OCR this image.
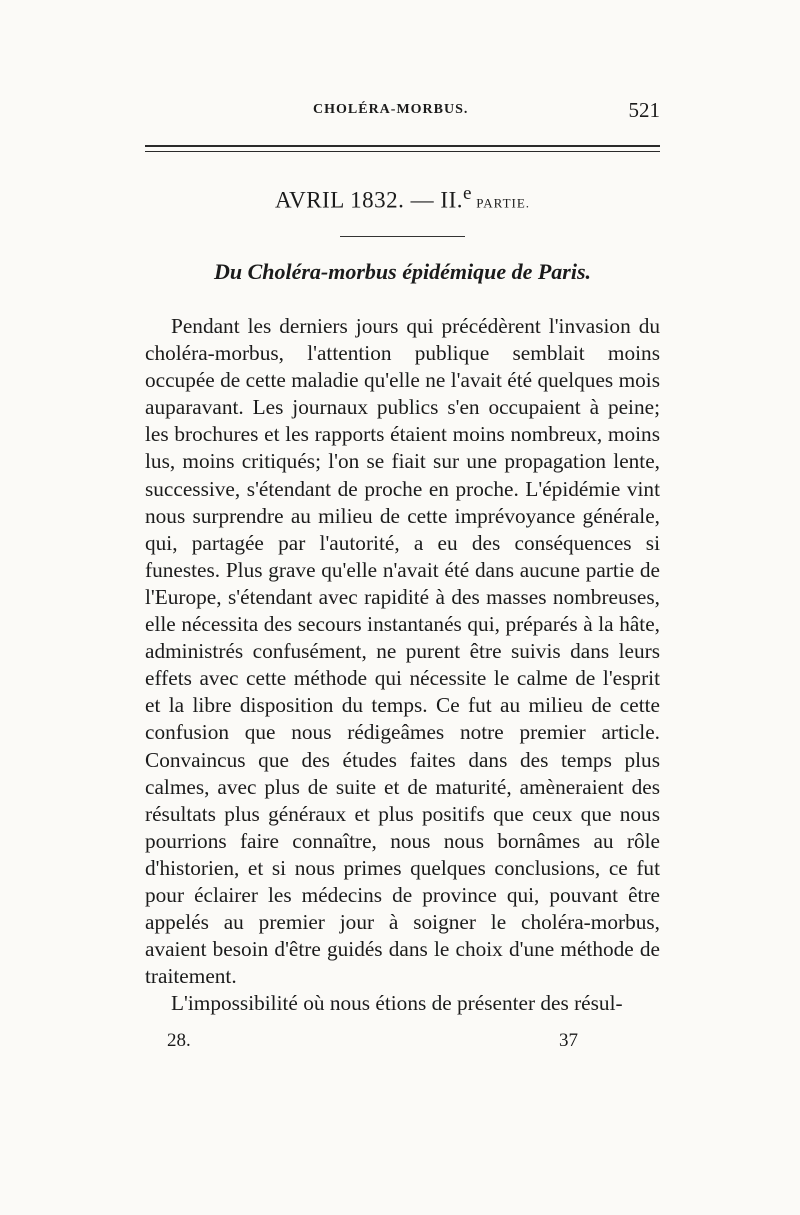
CHOLÉRA-MORBUS.	521
AVRIL 1832. — II.$^e$ PARTIE.
Du Choléra-morbus épidémique de Paris.

Pendant les derniers jours qui précédèrent l'invasion du choléra-morbus, l'attention publique semblait moins occupée de cette maladie qu'elle ne l'avait été quelques mois auparavant. Les journaux publics s'en occupaient à peine; les brochures et les rapports étaient moins nombreux, moins lus, moins critiqués; l'on se fiait sur une propagation lente, successive, s'étendant de proche en proche. L'épidémie vint nous surprendre au milieu de cette imprévoyance générale, qui, partagée par l'autorité, a eu des conséquences si funestes. Plus grave qu'elle n'avait été dans aucune partie de l'Europe, s'étendant avec rapidité à des masses nombreuses, elle nécessita des secours instantanés qui, préparés à la hâte, administrés confusément, ne purent être suivis dans leurs effets avec cette méthode qui nécessite le calme de l'esprit et la libre disposition du temps. Ce fut au milieu de cette confusion que nous rédigeâmes notre premier article. Convaincus que des études faites dans des temps plus calmes, avec plus de suite et de maturité, amèneraient des résultats plus généraux et plus positifs que ceux que nous pourrions faire connaître, nous nous bornâmes au rôle d'historien, et si nous primes quelques conclusions, ce fut pour éclairer les médecins de province qui, pouvant être appelés au premier jour à soigner le choléra-morbus, avaient besoin d'être guidés dans le choix d'une méthode de traitement.

L'impossibilité où nous étions de présenter des résul-

28.	37
